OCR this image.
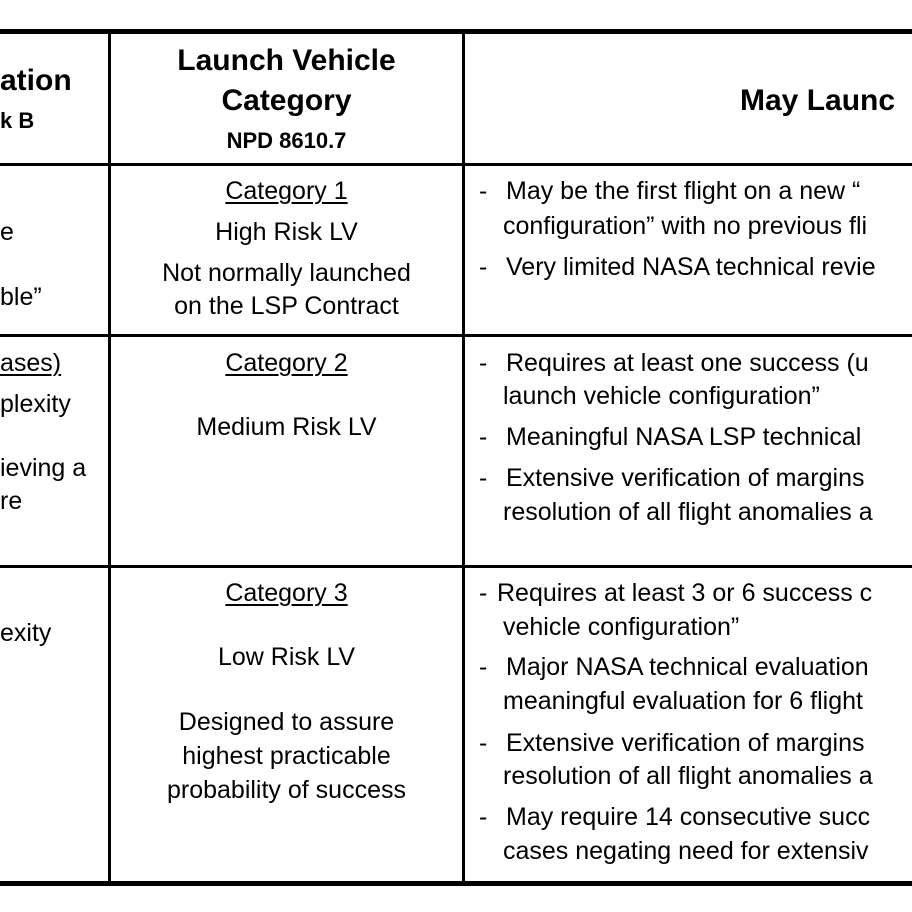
ation
k B
Launch Vehicle
Category
NPD 8610.7
May Launc
e
ble”
Category 1
High Risk LV
Not normally launched
on the LSP Contract
- May be the first flight on a new “
configuration” with no previous fli
- Very limited NASA technical revie
ases)
plexity
ieving a
re
Category 2
Medium Risk LV
- Requires at least one success (u
launch vehicle configuration”
- Meaningful NASA LSP technical
- Extensive verification of margins
resolution of all flight anomalies a
exity
Category 3
Low Risk LV
Designed to assure
highest practicable
probability of success
- Requires at least 3 or 6 success c
vehicle configuration”
- Major NASA technical evaluation
meaningful evaluation for 6 flight
- Extensive verification of margins
resolution of all flight anomalies a
- May require 14 consecutive succ
cases negating need for extensiv
